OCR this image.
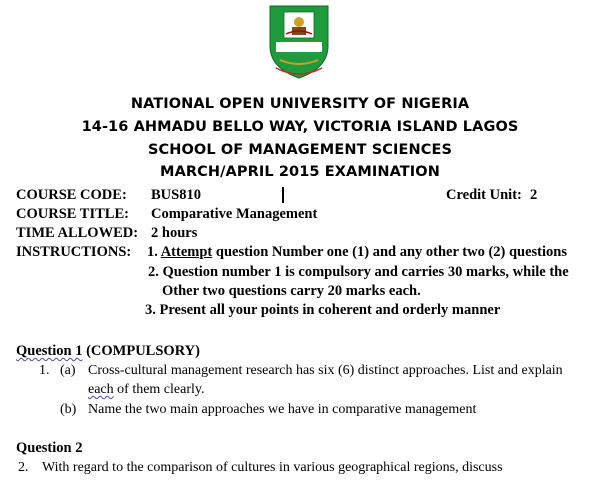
NATIONAL OPEN UNIVERSITY OF NIGERIA
14-16 AHMADU BELLO WAY, VICTORIA ISLAND LAGOS
SCHOOL OF MANAGEMENT SCIENCES
MARCH/APRIL 2015 EXAMINATION
COURSE CODE: BUS810	Credit Unit: 2
COURSE TITLE: Comparative Management
TIME ALLOWED: 2 hours
INSTRUCTIONS: 1. Attempt question Number one (1) and any other two (2) questions
2. Question number 1 is compulsory and carries 30 marks, while the
Other two questions carry 20 marks each.
3. Present all your points in coherent and orderly manner
Question 1 (COMPULSORY)
1. (a) Cross-cultural management research has six (6) distinct approaches. List and explain
each of them clearly.
(b) Name the two main approaches we have in comparative management
Question 2
2. With regard to the comparison of cultures in various geographical regions, discuss
